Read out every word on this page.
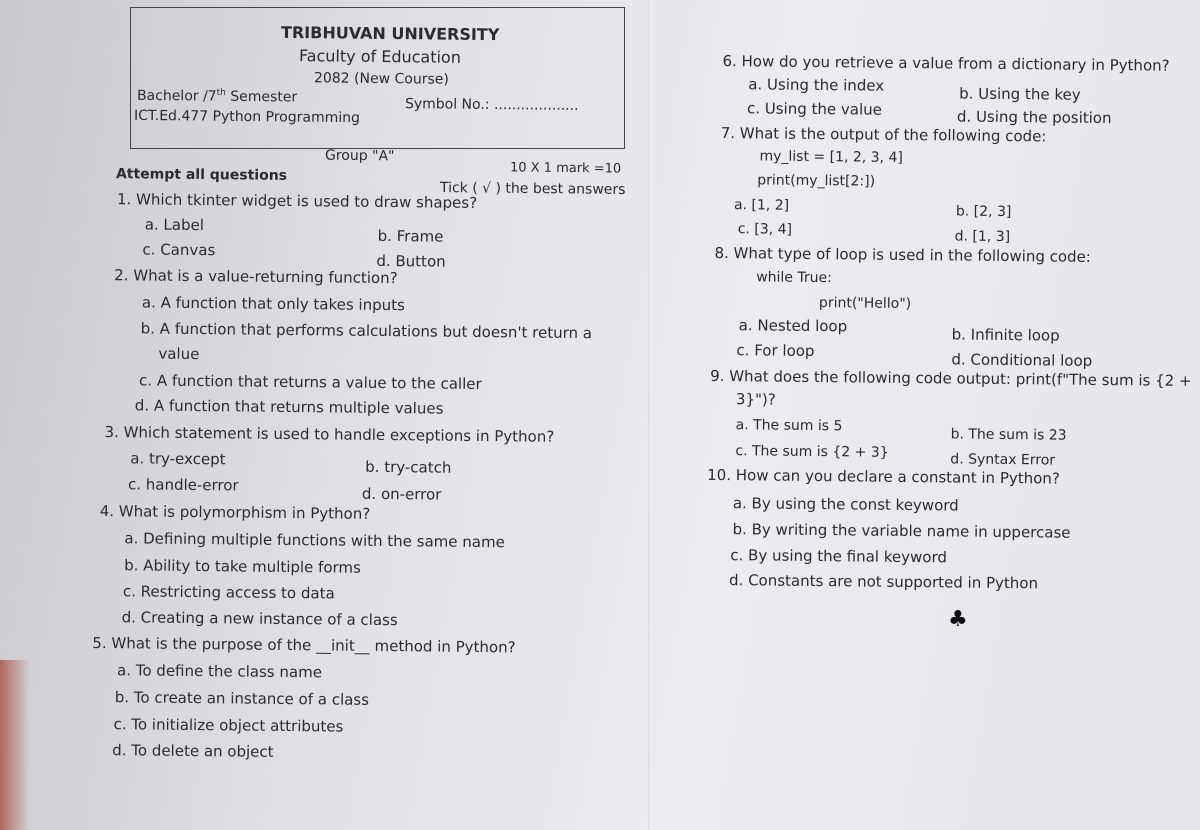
TRIBHUVAN UNIVERSITY
Faculty of Education
2082 (New Course)
Bachelor /7th Semester	Symbol No.: ...................
ICT.Ed.477 Python Programming
Group "A"
10 X 1 mark =10
Attempt all questions
Tick ( √ ) the best answers
1. Which tkinter widget is used to draw shapes?
a. Label
b. Frame
c. Canvas
d. Button
2. What is a value-returning function?
a. A function that only takes inputs
b. A function that performs calculations but doesn't return a
value
c. A function that returns a value to the caller
d. A function that returns multiple values
3. Which statement is used to handle exceptions in Python?
a. try-except	b. try-catch
c. handle-error	d. on-error
4. What is polymorphism in Python?
a. Defining multiple functions with the same name
b. Ability to take multiple forms
c. Restricting access to data
d. Creating a new instance of a class
5. What is the purpose of the __init__ method in Python?
a. To define the class name
b. To create an instance of a class
c. To initialize object attributes
d. To delete an object
6. How do you retrieve a value from a dictionary in Python?
a. Using the index	b. Using the key
c. Using the value	d. Using the position
7. What is the output of the following code:
my_list = [1, 2, 3, 4]
print(my_list[2:])
a. [1, 2]	b. [2, 3]
c. [3, 4]	d. [1, 3]
8. What type of loop is used in the following code:
while True:
print("Hello")
a. Nested loop	b. Infinite loop
c. For loop	d. Conditional loop
9. What does the following code output: print(f"The sum is {2 +
3}")?
a. The sum is 5
b. The sum is 23
c. The sum is {2 + 3}	d. Syntax Error
10. How can you declare a constant in Python?
a. By using the const keyword
b. By writing the variable name in uppercase
c. By using the final keyword
d. Constants are not supported in Python
♣
